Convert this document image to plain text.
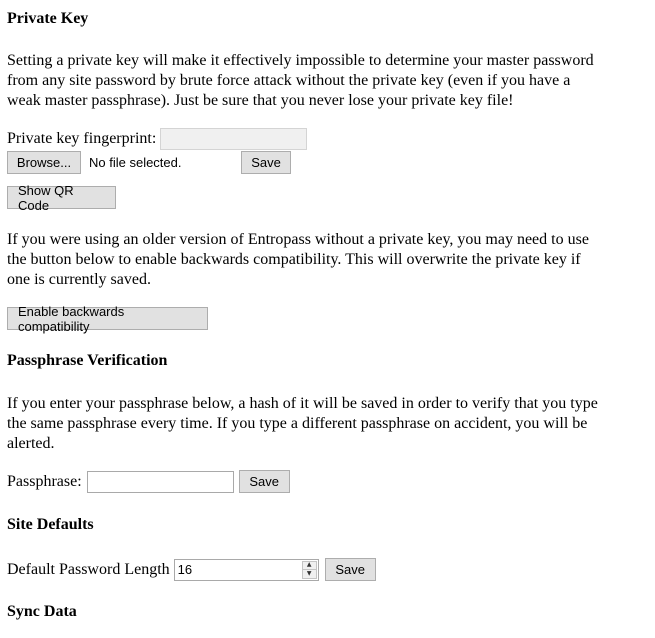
Private Key

Setting a private key will make it effectively impossible to determine your master password from any site password by brute force attack without the private key (even if you have a weak master passphrase). Just be sure that you never lose your private key file!

Private key fingerprint:
Browse...	No file selected.	Save
Show QR Code

If you were using an older version of Entropass without a private key, you may need to use the button below to enable backwards compatibility. This will overwrite the private key if one is currently saved.

Enable backwards compatibility
Passphrase Verification

If you enter your passphrase below, a hash of it will be saved in order to verify that you type the same passphrase every time. If you type a different passphrase on accident, you will be alerted.

Passphrase:	Save
Site Defaults
Default Password Length 16	▲
▼	Save
Sync Data
